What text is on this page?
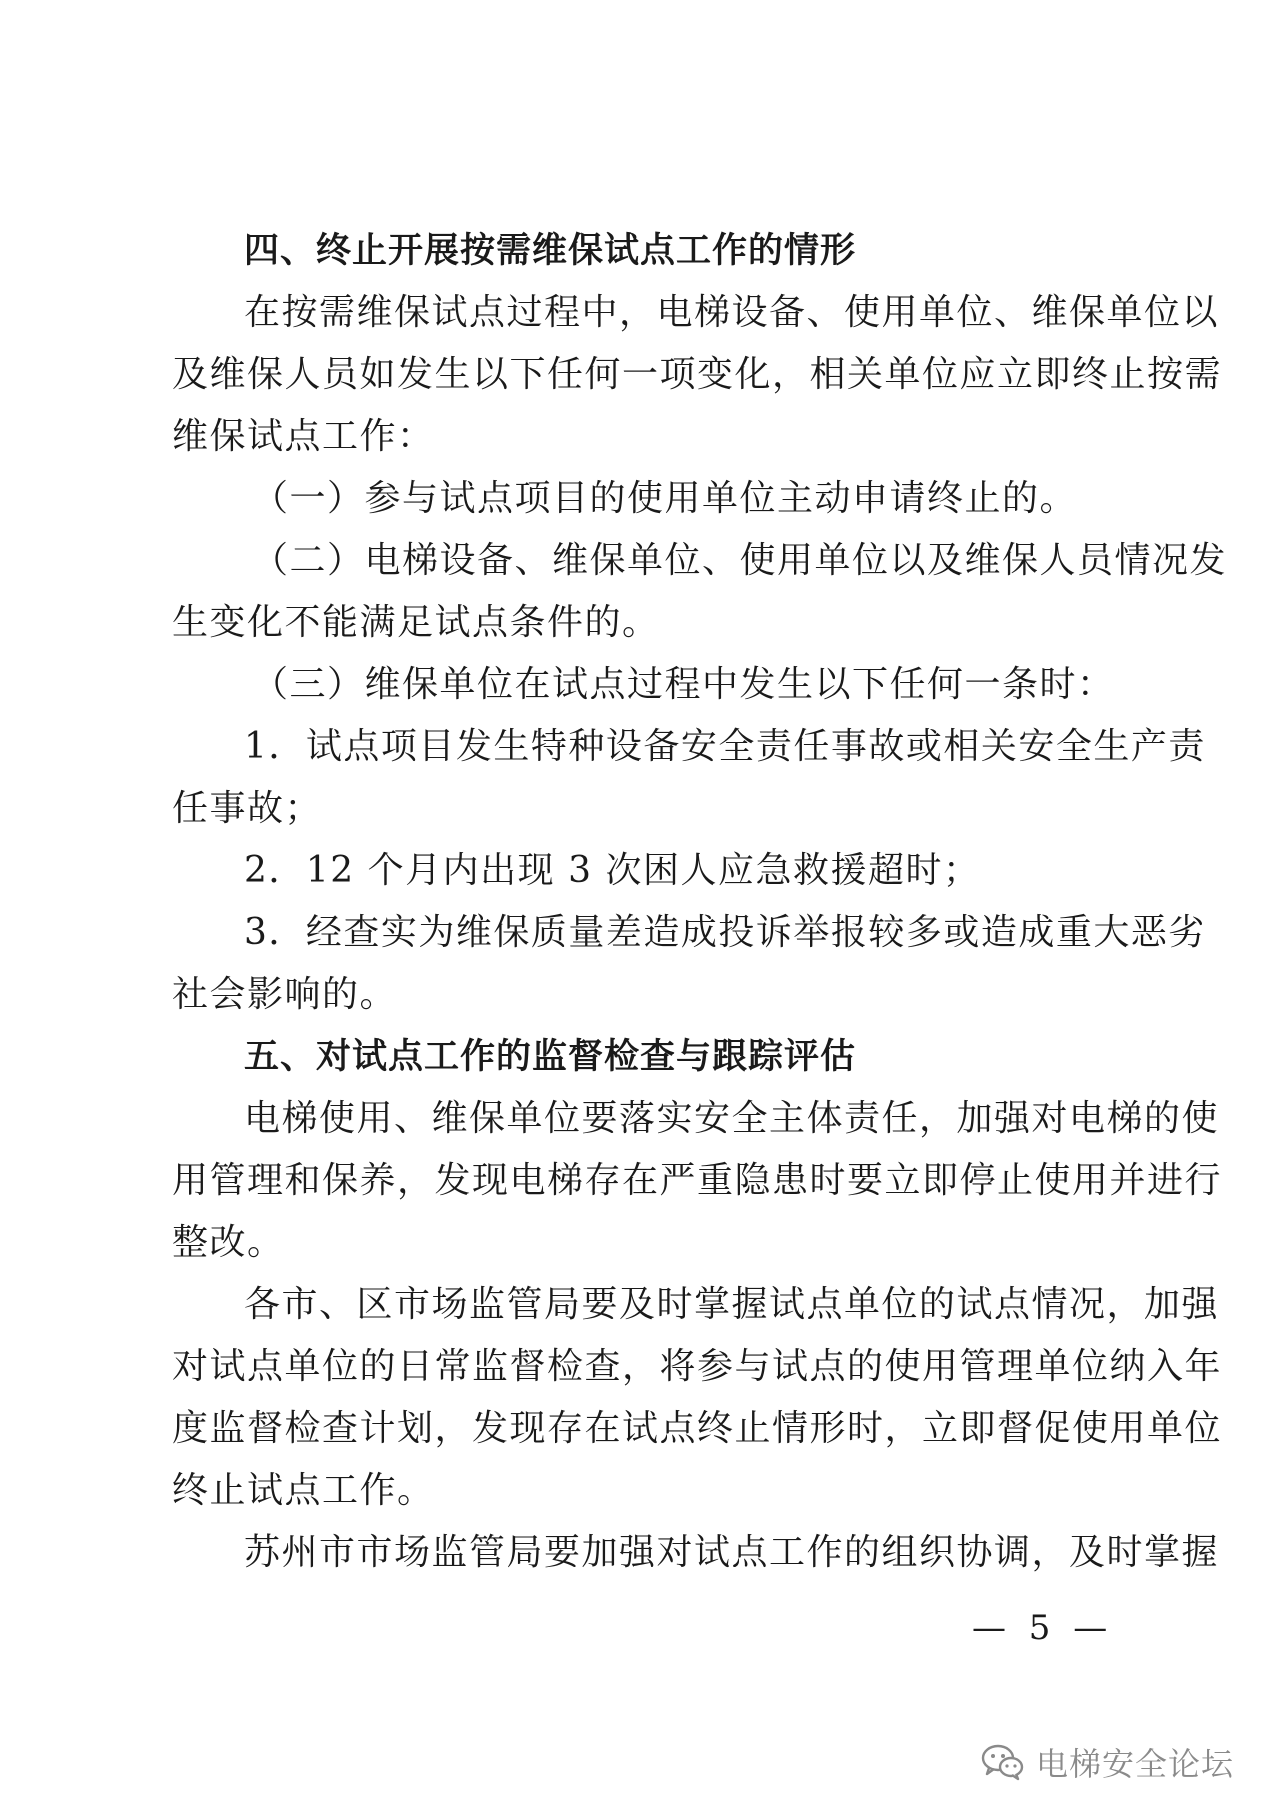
四、终止开展按需维保试点工作的情形
在按需维保试点过程中，电梯设备、使用单位、维保单位以
及维保人员如发生以下任何一项变化，相关单位应立即终止按需
维保试点工作：
（一）参与试点项目的使用单位主动申请终止的。
（二）电梯设备、维保单位、使用单位以及维保人员情况发
生变化不能满足试点条件的。
（三）维保单位在试点过程中发生以下任何一条时：
1．试点项目发生特种设备安全责任事故或相关安全生产责
任事故；
2．12 个月内出现 3 次困人应急救援超时；
3．经查实为维保质量差造成投诉举报较多或造成重大恶劣
社会影响的。
五、对试点工作的监督检查与跟踪评估
电梯使用、维保单位要落实安全主体责任，加强对电梯的使
用管理和保养，发现电梯存在严重隐患时要立即停止使用并进行
整改。
各市、区市场监管局要及时掌握试点单位的试点情况，加强
对试点单位的日常监督检查，将参与试点的使用管理单位纳入年
度监督检查计划，发现存在试点终止情形时，立即督促使用单位
终止试点工作。
苏州市市场监管局要加强对试点工作的组织协调，及时掌握
— 5 —
电梯安全论坛
